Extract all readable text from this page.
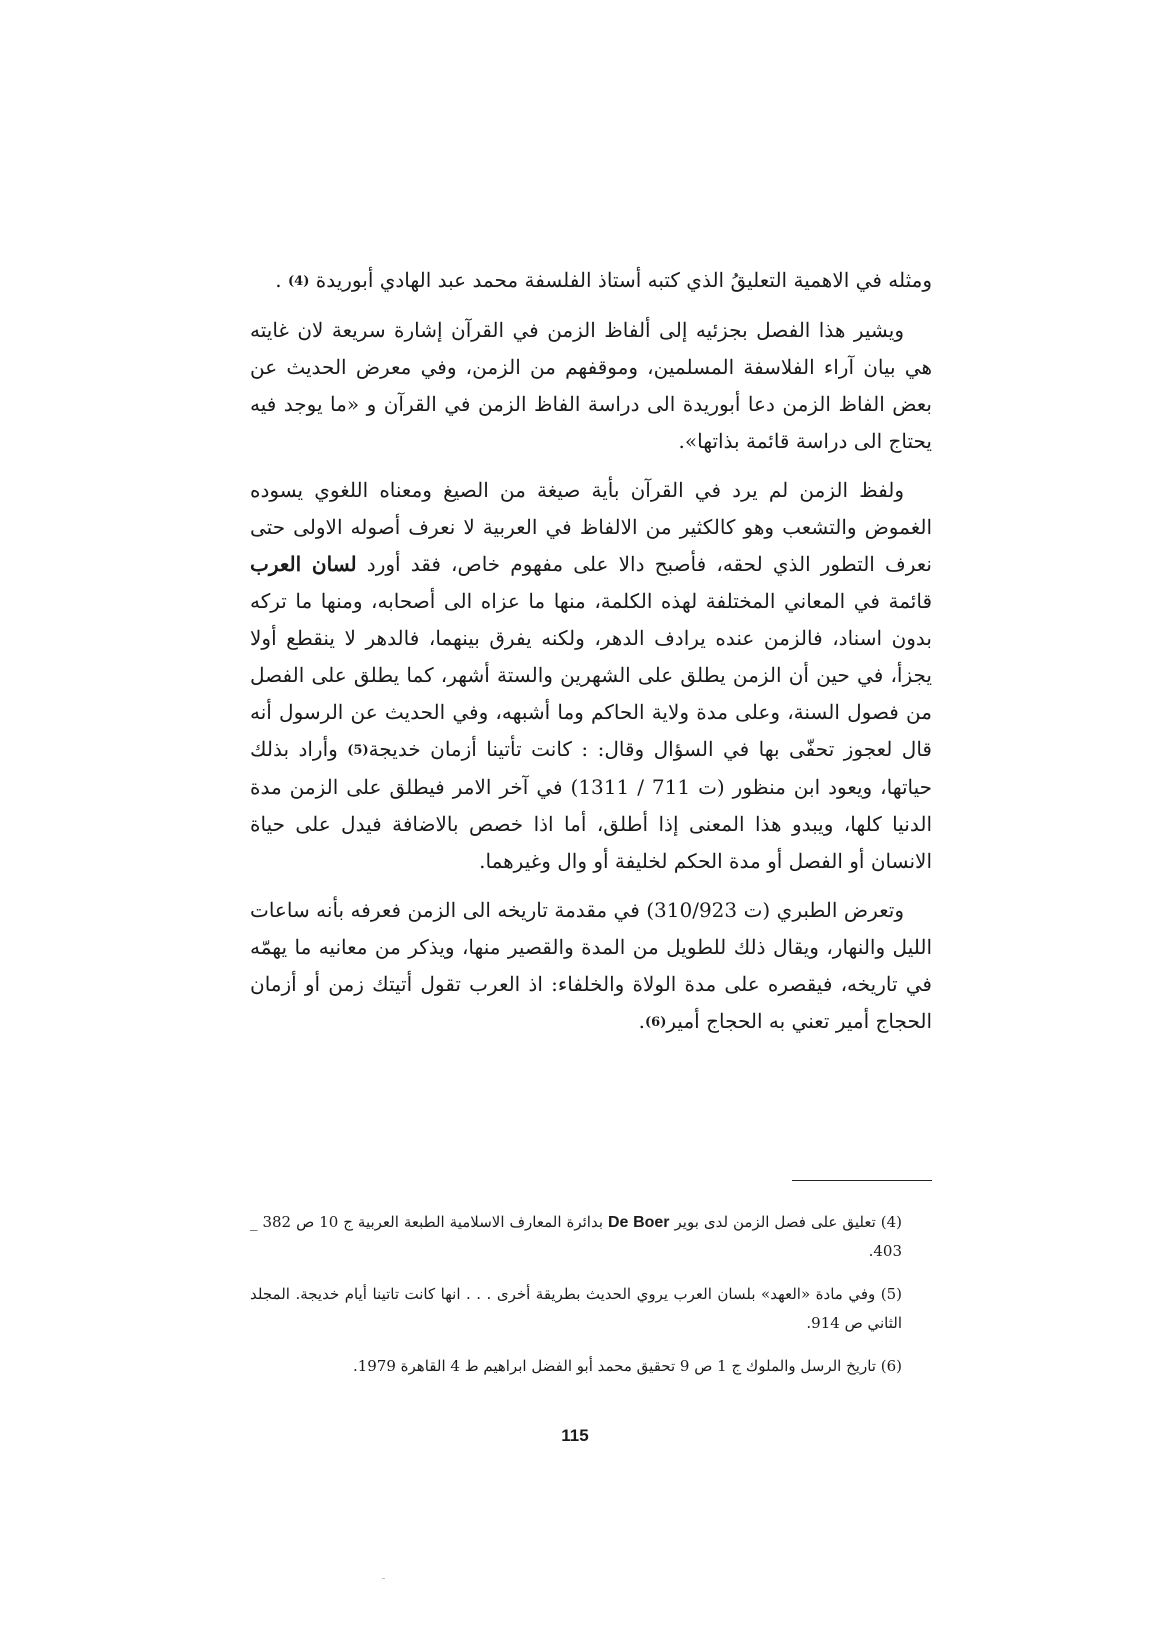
ومثله في الاهمية التعليقُ الذي كتبه أستاذ الفلسفة محمد عبد الهادي أبوريدة (4) .

ويشير هذا الفصل بجزئيه إلى ألفاظ الزمن في القرآن إشارة سريعة لان غايته هي بيان آراء الفلاسفة المسلمين، وموقفهم من الزمن، وفي معرض الحديث عن بعض الفاظ الزمن دعا أبوريدة الى دراسة الفاظ الزمن في القرآن و «ما يوجد فيه يحتاج الى دراسة قائمة بذاتها».

ولفظ الزمن لم يرد في القرآن بأية صيغة من الصيغ ومعناه اللغوي يسوده الغموض والتشعب وهو كالكثير من الالفاظ في العربية لا نعرف أصوله الاولى حتى نعرف التطور الذي لحقه، فأصبح دالا على مفهوم خاص، فقد أورد لسان العرب قائمة في المعاني المختلفة لهذه الكلمة، منها ما عزاه الى أصحابه، ومنها ما تركه بدون اسناد، فالزمن عنده يرادف الدهر، ولكنه يفرق بينهما، فالدهر لا ينقطع أولا يجزأ، في حين أن الزمن يطلق على الشهرين والستة أشهر، كما يطلق على الفصل من فصول السنة، وعلى مدة ولاية الحاكم وما أشبهه، وفي الحديث عن الرسول أنه قال لعجوز تحفّى بها في السؤال وقال: : كانت تأتينا أزمان خديجة(5) وأراد بذلك حياتها، ويعود ابن منظور (ت 711 / 1311) في آخر الامر فيطلق على الزمن مدة الدنيا كلها، ويبدو هذا المعنى إذا أطلق، أما اذا خصص بالاضافة فيدل على حياة الانسان أو الفصل أو مدة الحكم لخليفة أو وال وغيرهما.

وتعرض الطبري (ت 310/923) في مقدمة تاريخه الى الزمن فعرفه بأنه ساعات الليل والنهار، ويقال ذلك للطويل من المدة والقصير منها، ويذكر من معانيه ما يهمّه في تاريخه، فيقصره على مدة الولاة والخلفاء: اذ العرب تقول أتيتك زمن أو أزمان الحجاج أمير تعني به الحجاج أمير(6).

(4) تعليق على فصل الزمن لدى بوير De Boer بدائرة المعارف الاسلامية الطبعة العربية ج 10 ص 382 _ 403.

(5) وفي مادة «العهد» بلسان العرب يروي الحديث بطريقة أخرى . . . انها كانت تاتينا أيام خديجة. المجلد الثاني ص 914.

(6) تاريخ الرسل والملوك ج 1 ص 9 تحقيق محمد أبو الفضل ابراهيم ط 4 القاهرة 1979.

115
